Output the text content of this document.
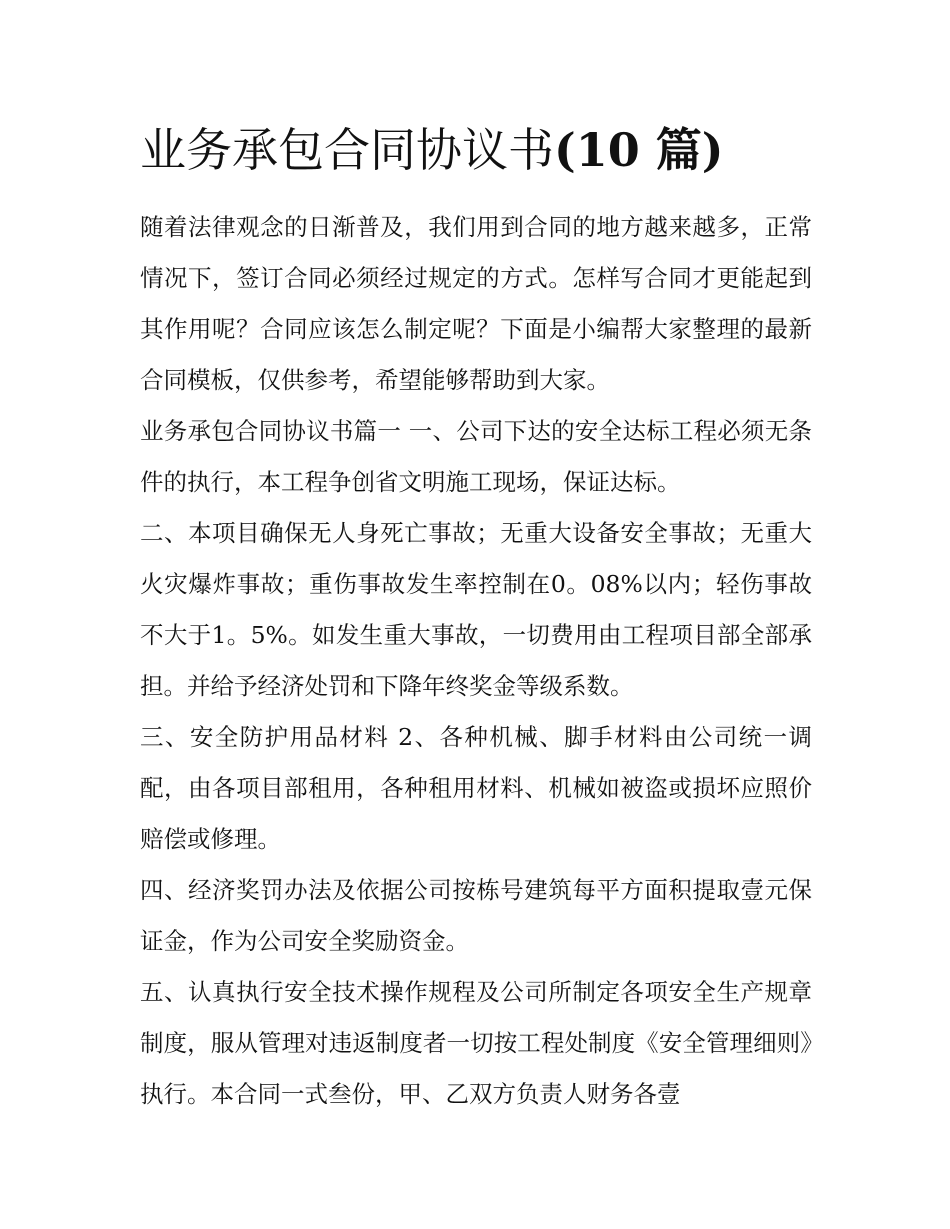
业务承包合同协议书(10 篇)

随着法律观念的日渐普及，我们用到合同的地方越来越多，正常情况下，签订合同必须经过规定的方式。怎样写合同才更能起到其作用呢？合同应该怎么制定呢？下面是小编帮大家整理的最新合同模板，仅供参考，希望能够帮助到大家。

业务承包合同协议书篇一 一、公司下达的安全达标工程必须无条件的执行，本工程争创省文明施工现场，保证达标。

二、本项目确保无人身死亡事故；无重大设备安全事故；无重大火灾爆炸事故；重伤事故发生率控制在0。08%以内；轻伤事故不大于1。5%。如发生重大事故，一切费用由工程项目部全部承担。并给予经济处罚和下降年终奖金等级系数。

三、安全防护用品材料 2、各种机械、脚手材料由公司统一调配，由各项目部租用，各种租用材料、机械如被盗或损坏应照价赔偿或修理。

四、经济奖罚办法及依据公司按栋号建筑每平方面积提取壹元保证金，作为公司安全奖励资金。

五、认真执行安全技术操作规程及公司所制定各项安全生产规章制度，服从管理对违返制度者一切按工程处制度《安全管理细则》执行。本合同一式叁份，甲、乙双方负责人财务各壹
